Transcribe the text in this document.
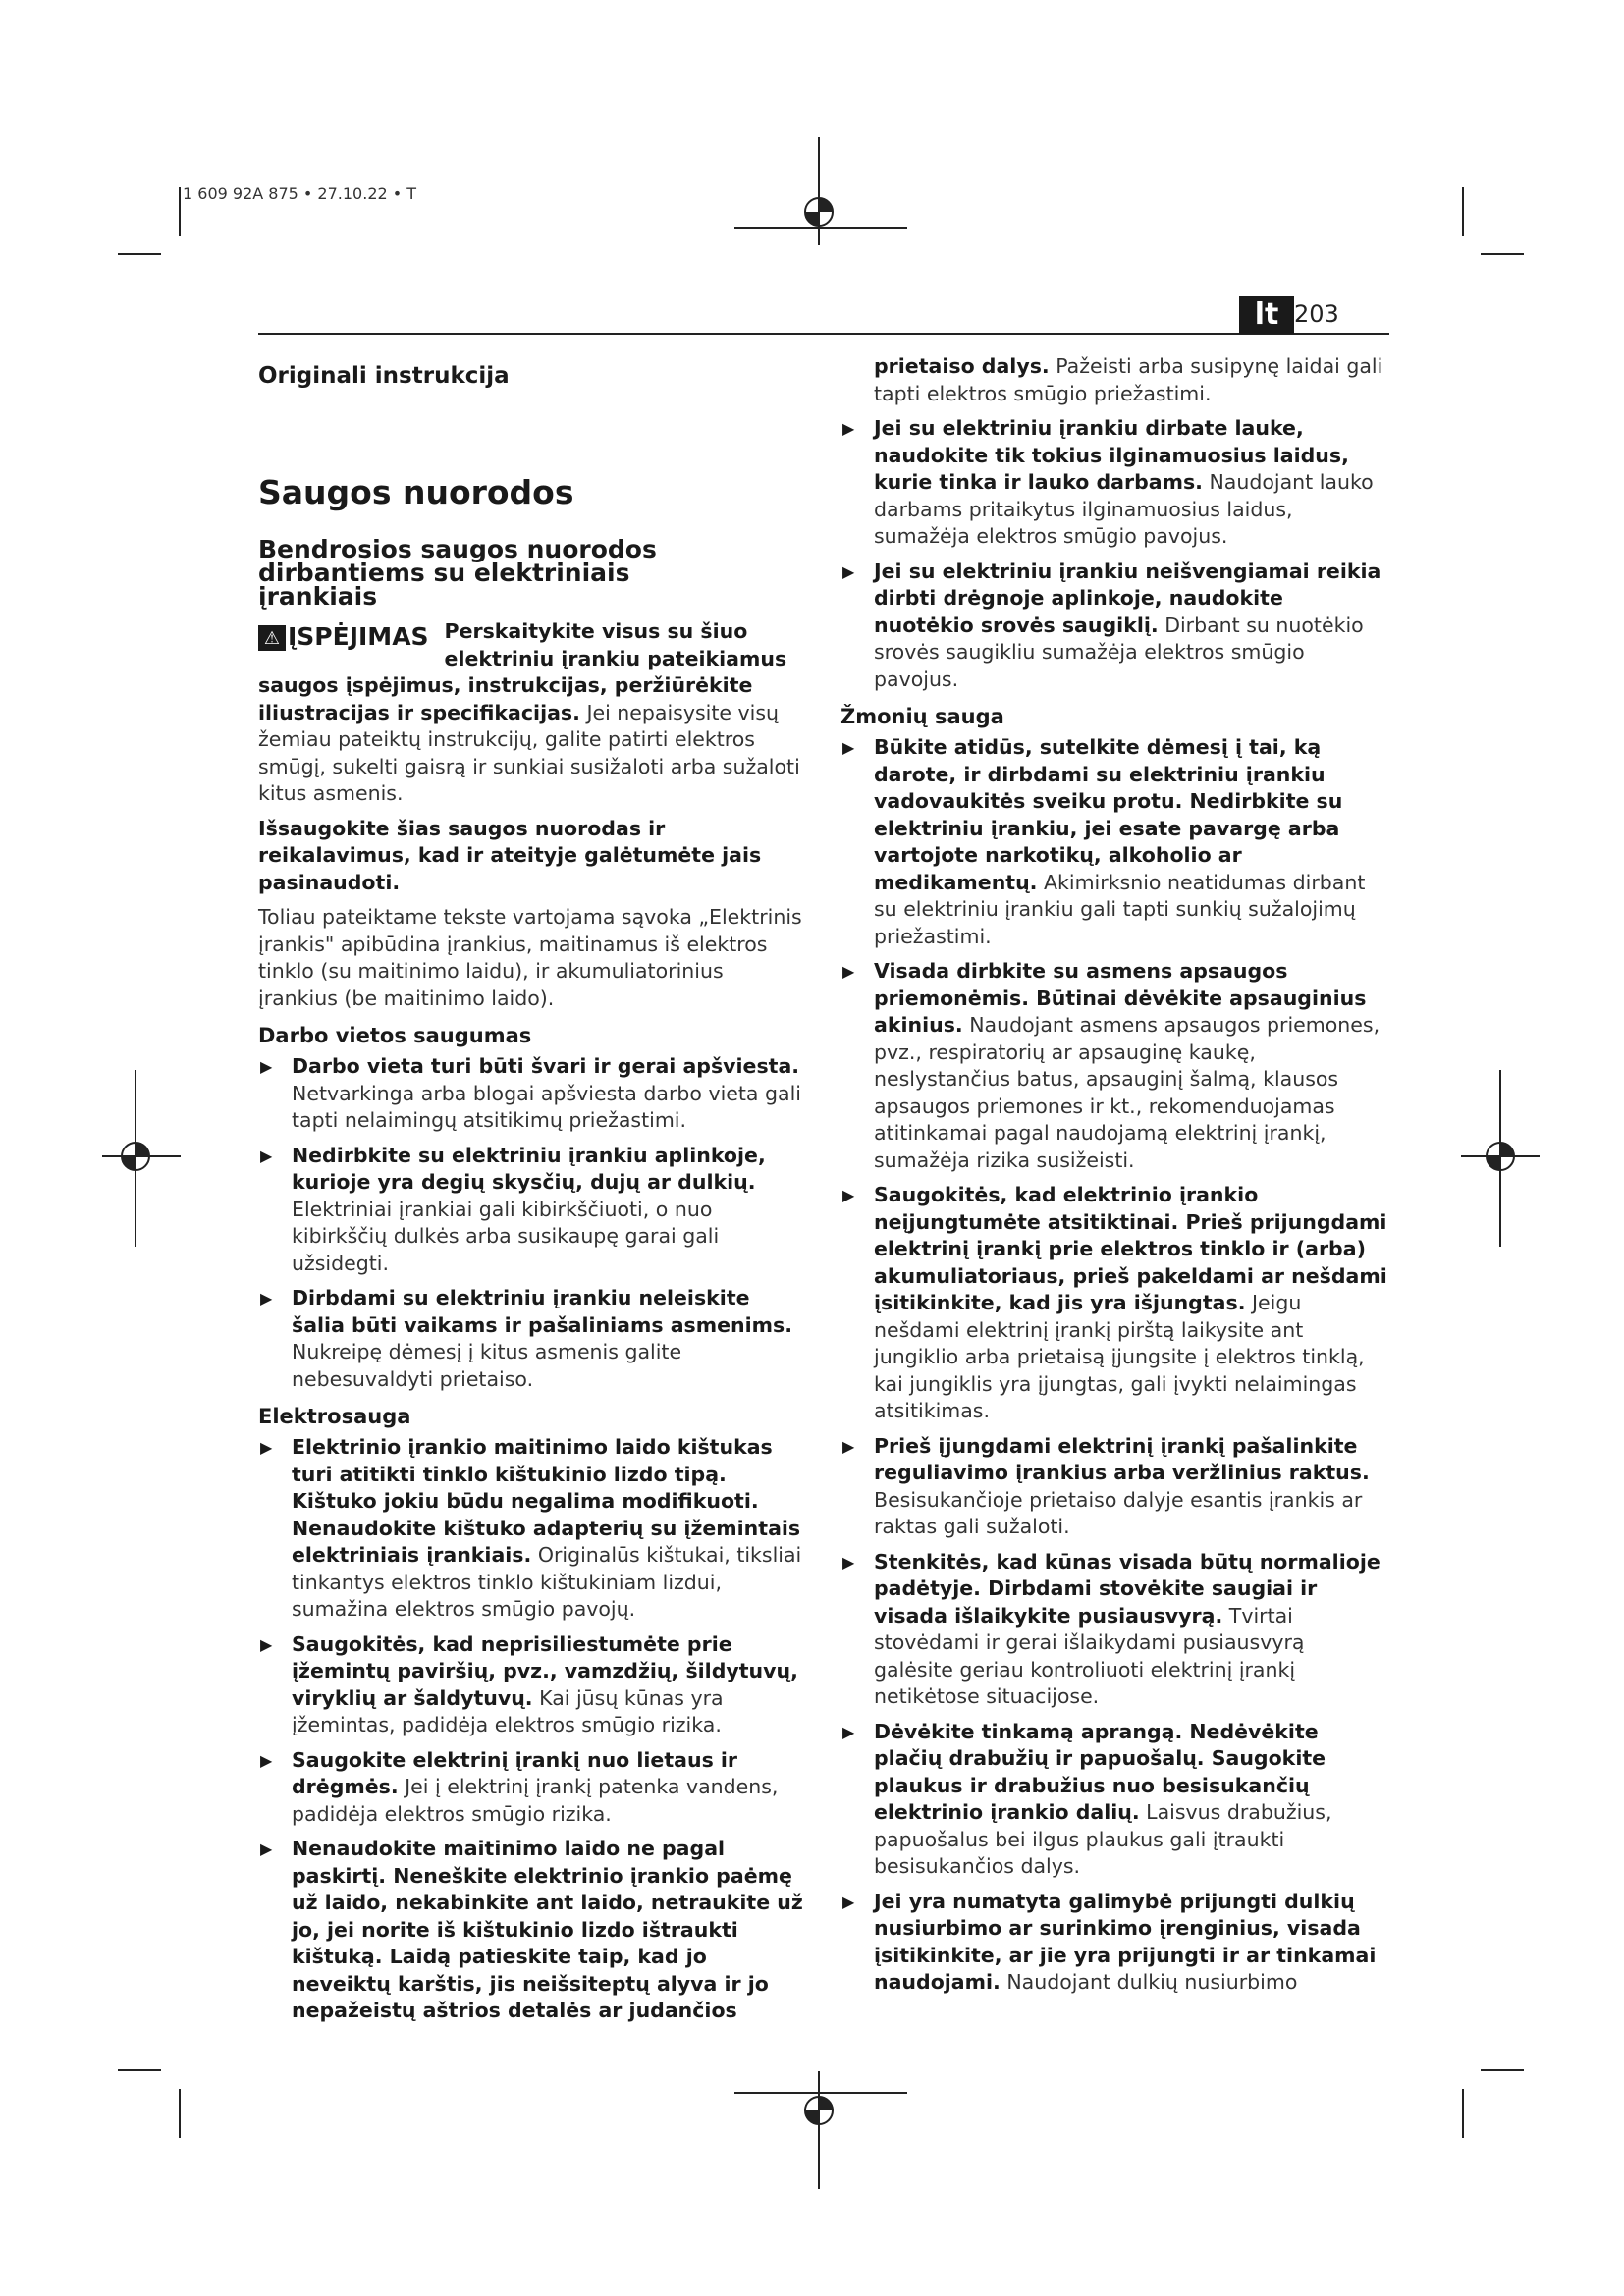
1 609 92A 875 • 27.10.22 • T
lt 203

Originali instrukcija

Saugos nuorodos

Bendrosios saugos nuorodos dirbantiems su elektriniais įrankiais

⚠ ĮSPĖJIMAS Perskaitykite visus su šiuo elektriniu įrankiu pateikiamus saugos įspėjimus, instrukcijas, peržiūrėkite iliustracijas ir specifikacijas. Jei nepaisysite visų žemiau pateiktų instrukcijų, galite patirti elektros smūgį, sukelti gaisrą ir sunkiai susižaloti arba sužaloti kitus asmenis.

Išsaugokite šias saugos nuorodas ir reikalavimus, kad ir ateityje galėtumėte jais pasinaudoti.

Toliau pateiktame tekste vartojama sąvoka „Elektrinis įrankis" apibūdina įrankius, maitinamus iš elektros tinklo (su maitinimo laidu), ir akumuliatorinius įrankius (be maitinimo laido).

Darbo vietos saugumas

▶ Darbo vieta turi būti švari ir gerai apšviesta. Netvarkinga arba blogai apšviesta darbo vieta gali tapti nelaimingų atsitikimų priežastimi.
▶ Nedirbkite su elektriniu įrankiu aplinkoje, kurioje yra degių skysčių, dujų ar dulkių. Elektriniai įrankiai gali kibirkščiuoti, o nuo kibirkščių dulkės arba susikaupę garai gali užsidegti.
▶ Dirbdami su elektriniu įrankiu neleiskite šalia būti vaikams ir pašaliniams asmenims. Nukreipę dėmesį į kitus asmenis galite nebesuvaldyti prietaiso.

Elektrosauga

▶ Elektrinio įrankio maitinimo laido kištukas turi atitikti tinklo kištukinio lizdo tipą. Kištuko jokiu būdu negalima modifikuoti. Nenaudokite kištuko adapterių su įžemintais elektriniais įrankiais. Originalūs kištukai, tiksliai tinkantys elektros tinklo kištukiniam lizdui, sumažina elektros smūgio pavojų.
▶ Saugokitės, kad neprisiliestumėte prie įžemintų paviršių, pvz., vamzdžių, šildytuvų, viryklių ar šaldytuvų. Kai jūsų kūnas yra įžemintas, padidėja elektros smūgio rizika.
▶ Saugokite elektrinį įrankį nuo lietaus ir drėgmės. Jei į elektrinį įrankį patenka vandens, padidėja elektros smūgio rizika.
▶ Nenaudokite maitinimo laido ne pagal paskirtį. Neneškite elektrinio įrankio paėmę už laido, nekabinkite ant laido, netraukite už jo, jei norite iš kištukinio lizdo ištraukti kištuką. Laidą patieskite taip, kad jo neveiktų karštis, jis neišsiteptų alyva ir jo nepažeistų aštrios detalės ar judančios
prietaiso dalys. Pažeisti arba susipynę laidai gali tapti elektros smūgio priežastimi.
▶ Jei su elektriniu įrankiu dirbate lauke, naudokite tik tokius ilginamuosius laidus, kurie tinka ir lauko darbams. Naudojant lauko darbams pritaikytus ilginamuosius laidus, sumažėja elektros smūgio pavojus.
▶ Jei su elektriniu įrankiu neišvengiamai reikia dirbti drėgnoje aplinkoje, naudokite nuotėkio srovės saugiklį. Dirbant su nuotėkio srovės saugikliu sumažėja elektros smūgio pavojus.

Žmonių sauga

▶ Būkite atidūs, sutelkite dėmesį į tai, ką darote, ir dirbdami su elektriniu įrankiu vadovaukitės sveiku protu. Nedirbkite su elektriniu įrankiu, jei esate pavargę arba vartojote narkotikų, alkoholio ar medikamentų. Akimirksnio neatidumas dirbant su elektriniu įrankiu gali tapti sunkių sužalojimų priežastimi.
▶ Visada dirbkite su asmens apsaugos priemonėmis. Būtinai dėvėkite apsauginius akinius. Naudojant asmens apsaugos priemones, pvz., respiratorių ar apsauginę kaukę, neslystančius batus, apsauginį šalmą, klausos apsaugos priemones ir kt., rekomenduojamas atitinkamai pagal naudojamą elektrinį įrankį, sumažėja rizika susižeisti.
▶ Saugokitės, kad elektrinio įrankio neįjungtumėte atsitiktinai. Prieš prijungdami elektrinį įrankį prie elektros tinklo ir (arba) akumuliatoriaus, prieš pakeldami ar nešdami įsitikinkite, kad jis yra išjungtas. Jeigu nešdami elektrinį įrankį pirštą laikysite ant jungiklio arba prietaisą įjungsite į elektros tinklą, kai jungiklis yra įjungtas, gali įvykti nelaimingas atsitikimas.
▶ Prieš įjungdami elektrinį įrankį pašalinkite reguliavimo įrankius arba veržlinius raktus. Besisukančioje prietaiso dalyje esantis įrankis ar raktas gali sužaloti.
▶ Stenkitės, kad kūnas visada būtų normalioje padėtyje. Dirbdami stovėkite saugiai ir visada išlaikykite pusiausvyrą. Tvirtai stovėdami ir gerai išlaikydami pusiausvyrą galėsite geriau kontroliuoti elektrinį įrankį netikėtose situacijose.
▶ Dėvėkite tinkamą aprangą. Nedėvėkite plačių drabužių ir papuošalų. Saugokite plaukus ir drabužius nuo besisukančių elektrinio įrankio dalių. Laisvus drabužius, papuošalus bei ilgus plaukus gali įtraukti besisukančios dalys.
▶ Jei yra numatyta galimybė prijungti dulkių nusiurbimo ar surinkimo įrenginius, visada įsitikinkite, ar jie yra prijungti ir ar tinkamai naudojami. Naudojant dulkių nusiurbimo
